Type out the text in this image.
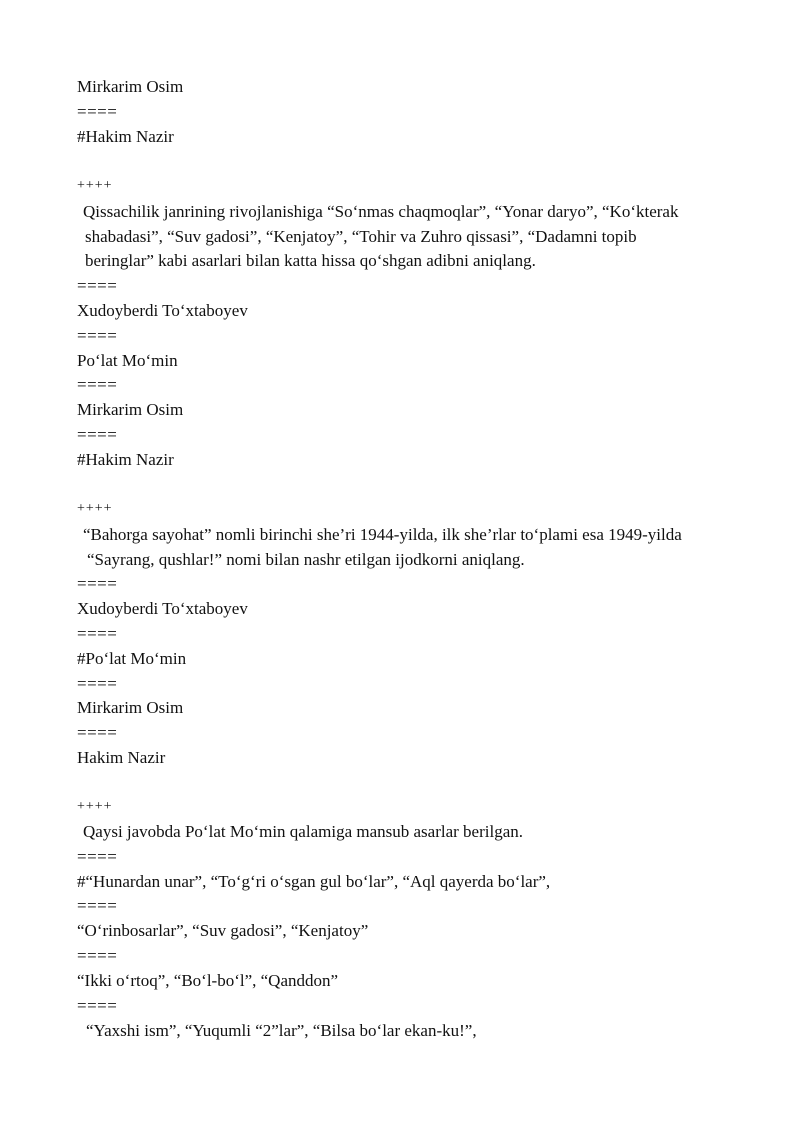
Mirkarim Osim
====
#Hakim Nazir
++++
Qissachilik janrining rivojlanishiga “So‘nmas chaqmoqlar”, “Yonar daryo”, “Ko‘kterak
shabadasi”, “Suv gadosi”, “Kenjatoy”, “Tohir va Zuhro qissasi”, “Dadamni topib
beringlar” kabi asarlari bilan katta hissa qo‘shgan adibni aniqlang.
====
Xudoyberdi To‘xtaboyev
====
Po‘lat Mo‘min
====
Mirkarim Osim
====
#Hakim Nazir
++++
“Bahorga sayohat” nomli birinchi she’ri 1944-yilda, ilk she’rlar to‘plami esa 1949-yilda
“Sayrang, qushlar!” nomi bilan nashr etilgan ijodkorni aniqlang.
====
Xudoyberdi To‘xtaboyev
====
#Po‘lat Mo‘min
====
Mirkarim Osim
====
Hakim Nazir
++++
Qaysi javobda Po‘lat Mo‘min qalamiga mansub asarlar berilgan.
====
#“Hunardan unar”, “To‘g‘ri o‘sgan gul bo‘lar”, “Aql qayerda bo‘lar”,
====
“O‘rinbosarlar”, “Suv gadosi”, “Kenjatoy”
====
“Ikki o‘rtoq”, “Bo‘l-bo‘l”, “Qanddon”
====
“Yaxshi ism”, “Yuqumli “2”lar”, “Bilsa bo‘lar ekan-ku!”,
